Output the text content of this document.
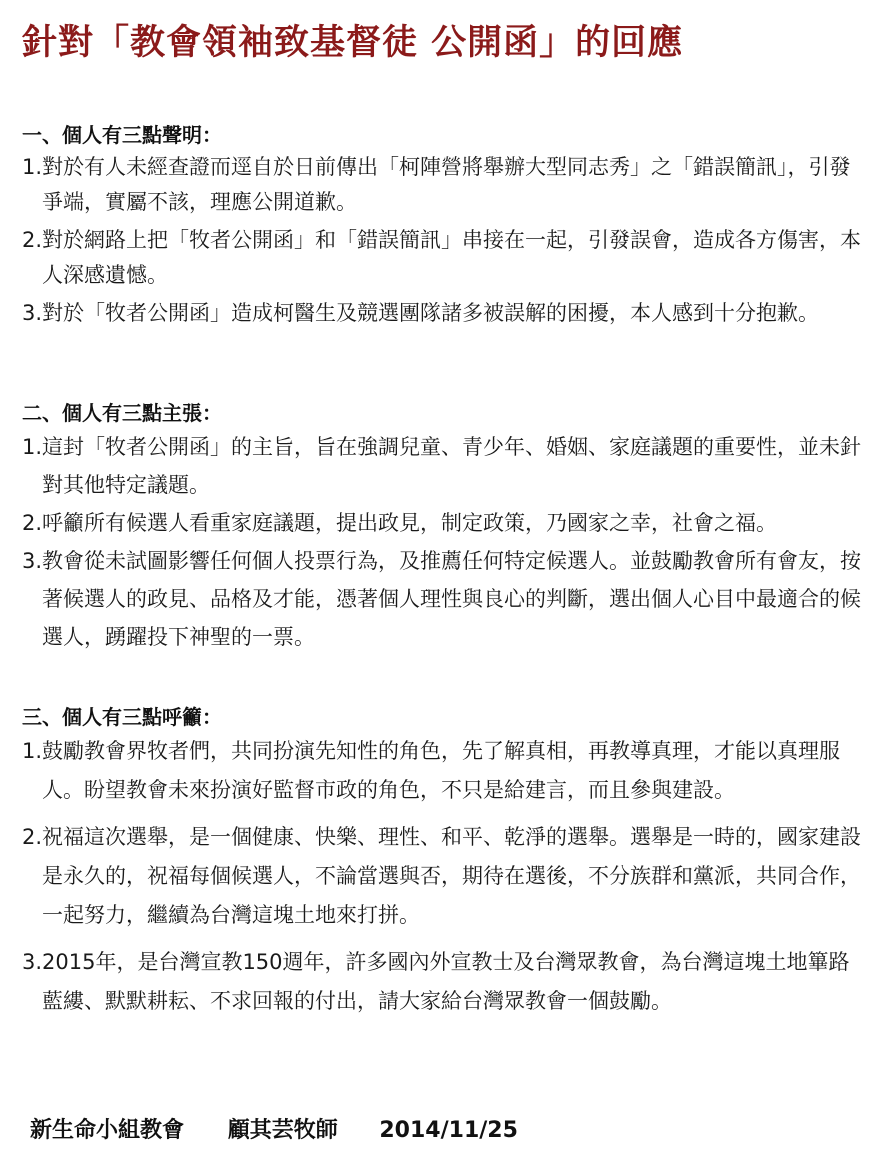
針對「教會領袖致基督徒 公開函」的回應
一、個人有三點聲明：
1. 對於有人未經查證而逕自於日前傳出「柯陣營將舉辦大型同志秀」之「錯誤簡訊」，引發爭端，實屬不該，理應公開道歉。
2. 對於網路上把「牧者公開函」和「錯誤簡訊」串接在一起，引發誤會，造成各方傷害，本人深感遺憾。
3. 對於「牧者公開函」造成柯醫生及競選團隊諸多被誤解的困擾，本人感到十分抱歉。
二、個人有三點主張：
1. 這封「牧者公開函」的主旨，旨在強調兒童、青少年、婚姻、家庭議題的重要性，並未針對其他特定議題。
2. 呼籲所有候選人看重家庭議題，提出政見，制定政策，乃國家之幸，社會之福。
3. 教會從未試圖影響任何個人投票行為，及推薦任何特定候選人。並鼓勵教會所有會友，按著候選人的政見、品格及才能，憑著個人理性與良心的判斷，選出個人心目中最適合的候選人，踴躍投下神聖的一票。
三、個人有三點呼籲：
1. 鼓勵教會界牧者們，共同扮演先知性的角色，先了解真相，再教導真理，才能以真理服人。盼望教會未來扮演好監督市政的角色，不只是給建言，而且參與建設。
2. 祝福這次選舉，是一個健康、快樂、理性、和平、乾淨的選舉。選舉是一時的，國家建設是永久的，祝福每個候選人，不論當選與否，期待在選後，不分族群和黨派，共同合作，一起努力，繼續為台灣這塊土地來打拼。
3. 2015年，是台灣宣教150週年，許多國內外宣教士及台灣眾教會，為台灣這塊土地篳路藍縷、默默耕耘、不求回報的付出，請大家給台灣眾教會一個鼓勵。
新生命小組教會 顧其芸牧師 2014/11/25
